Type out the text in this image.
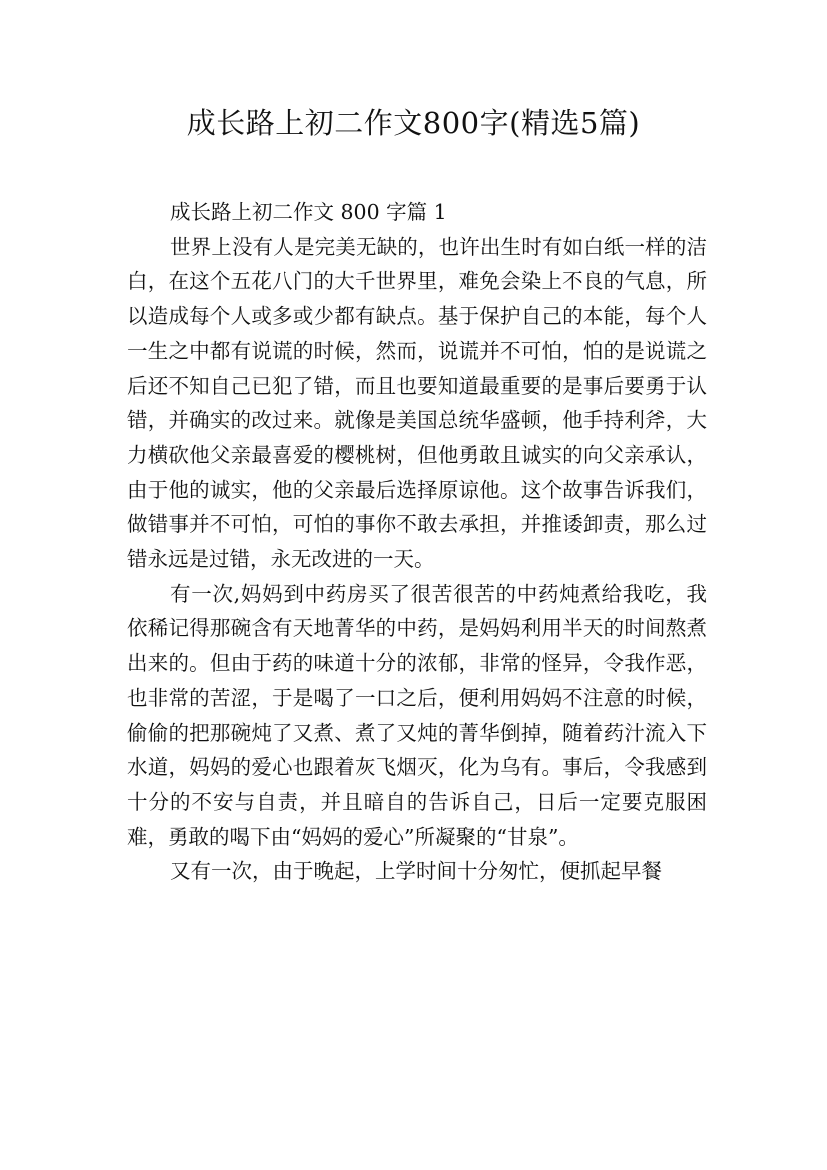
成长路上初二作文800字(精选5篇)

成长路上初二作文 800 字篇 1

世界上没有人是完美无缺的，也许出生时有如白纸一样的洁白，在这个五花八门的大千世界里，难免会染上不良的气息，所以造成每个人或多或少都有缺点。基于保护自己的本能，每个人一生之中都有说谎的时候，然而，说谎并不可怕，怕的是说谎之后还不知自己已犯了错，而且也要知道最重要的是事后要勇于认错，并确实的改过来。就像是美国总统华盛顿，他手持利斧，大力横砍他父亲最喜爱的樱桃树，但他勇敢且诚实的向父亲承认，由于他的诚实，他的父亲最后选择原谅他。这个故事告诉我们，做错事并不可怕，可怕的事你不敢去承担，并推诿卸责，那么过错永远是过错，永无改进的一天。

有一次,妈妈到中药房买了很苦很苦的中药炖煮给我吃，我依稀记得那碗含有天地菁华的中药，是妈妈利用半天的时间熬煮出来的。但由于药的味道十分的浓郁，非常的怪异，令我作恶，也非常的苦涩，于是喝了一口之后，便利用妈妈不注意的时候，偷偷的把那碗炖了又煮、煮了又炖的菁华倒掉，随着药汁流入下水道，妈妈的爱心也跟着灰飞烟灭，化为乌有。事后，令我感到十分的不安与自责，并且暗自的告诉自己，日后一定要克服困难，勇敢的喝下由“妈妈的爱心”所凝聚的“甘泉”。

又有一次，由于晚起，上学时间十分匆忙，便抓起早餐
